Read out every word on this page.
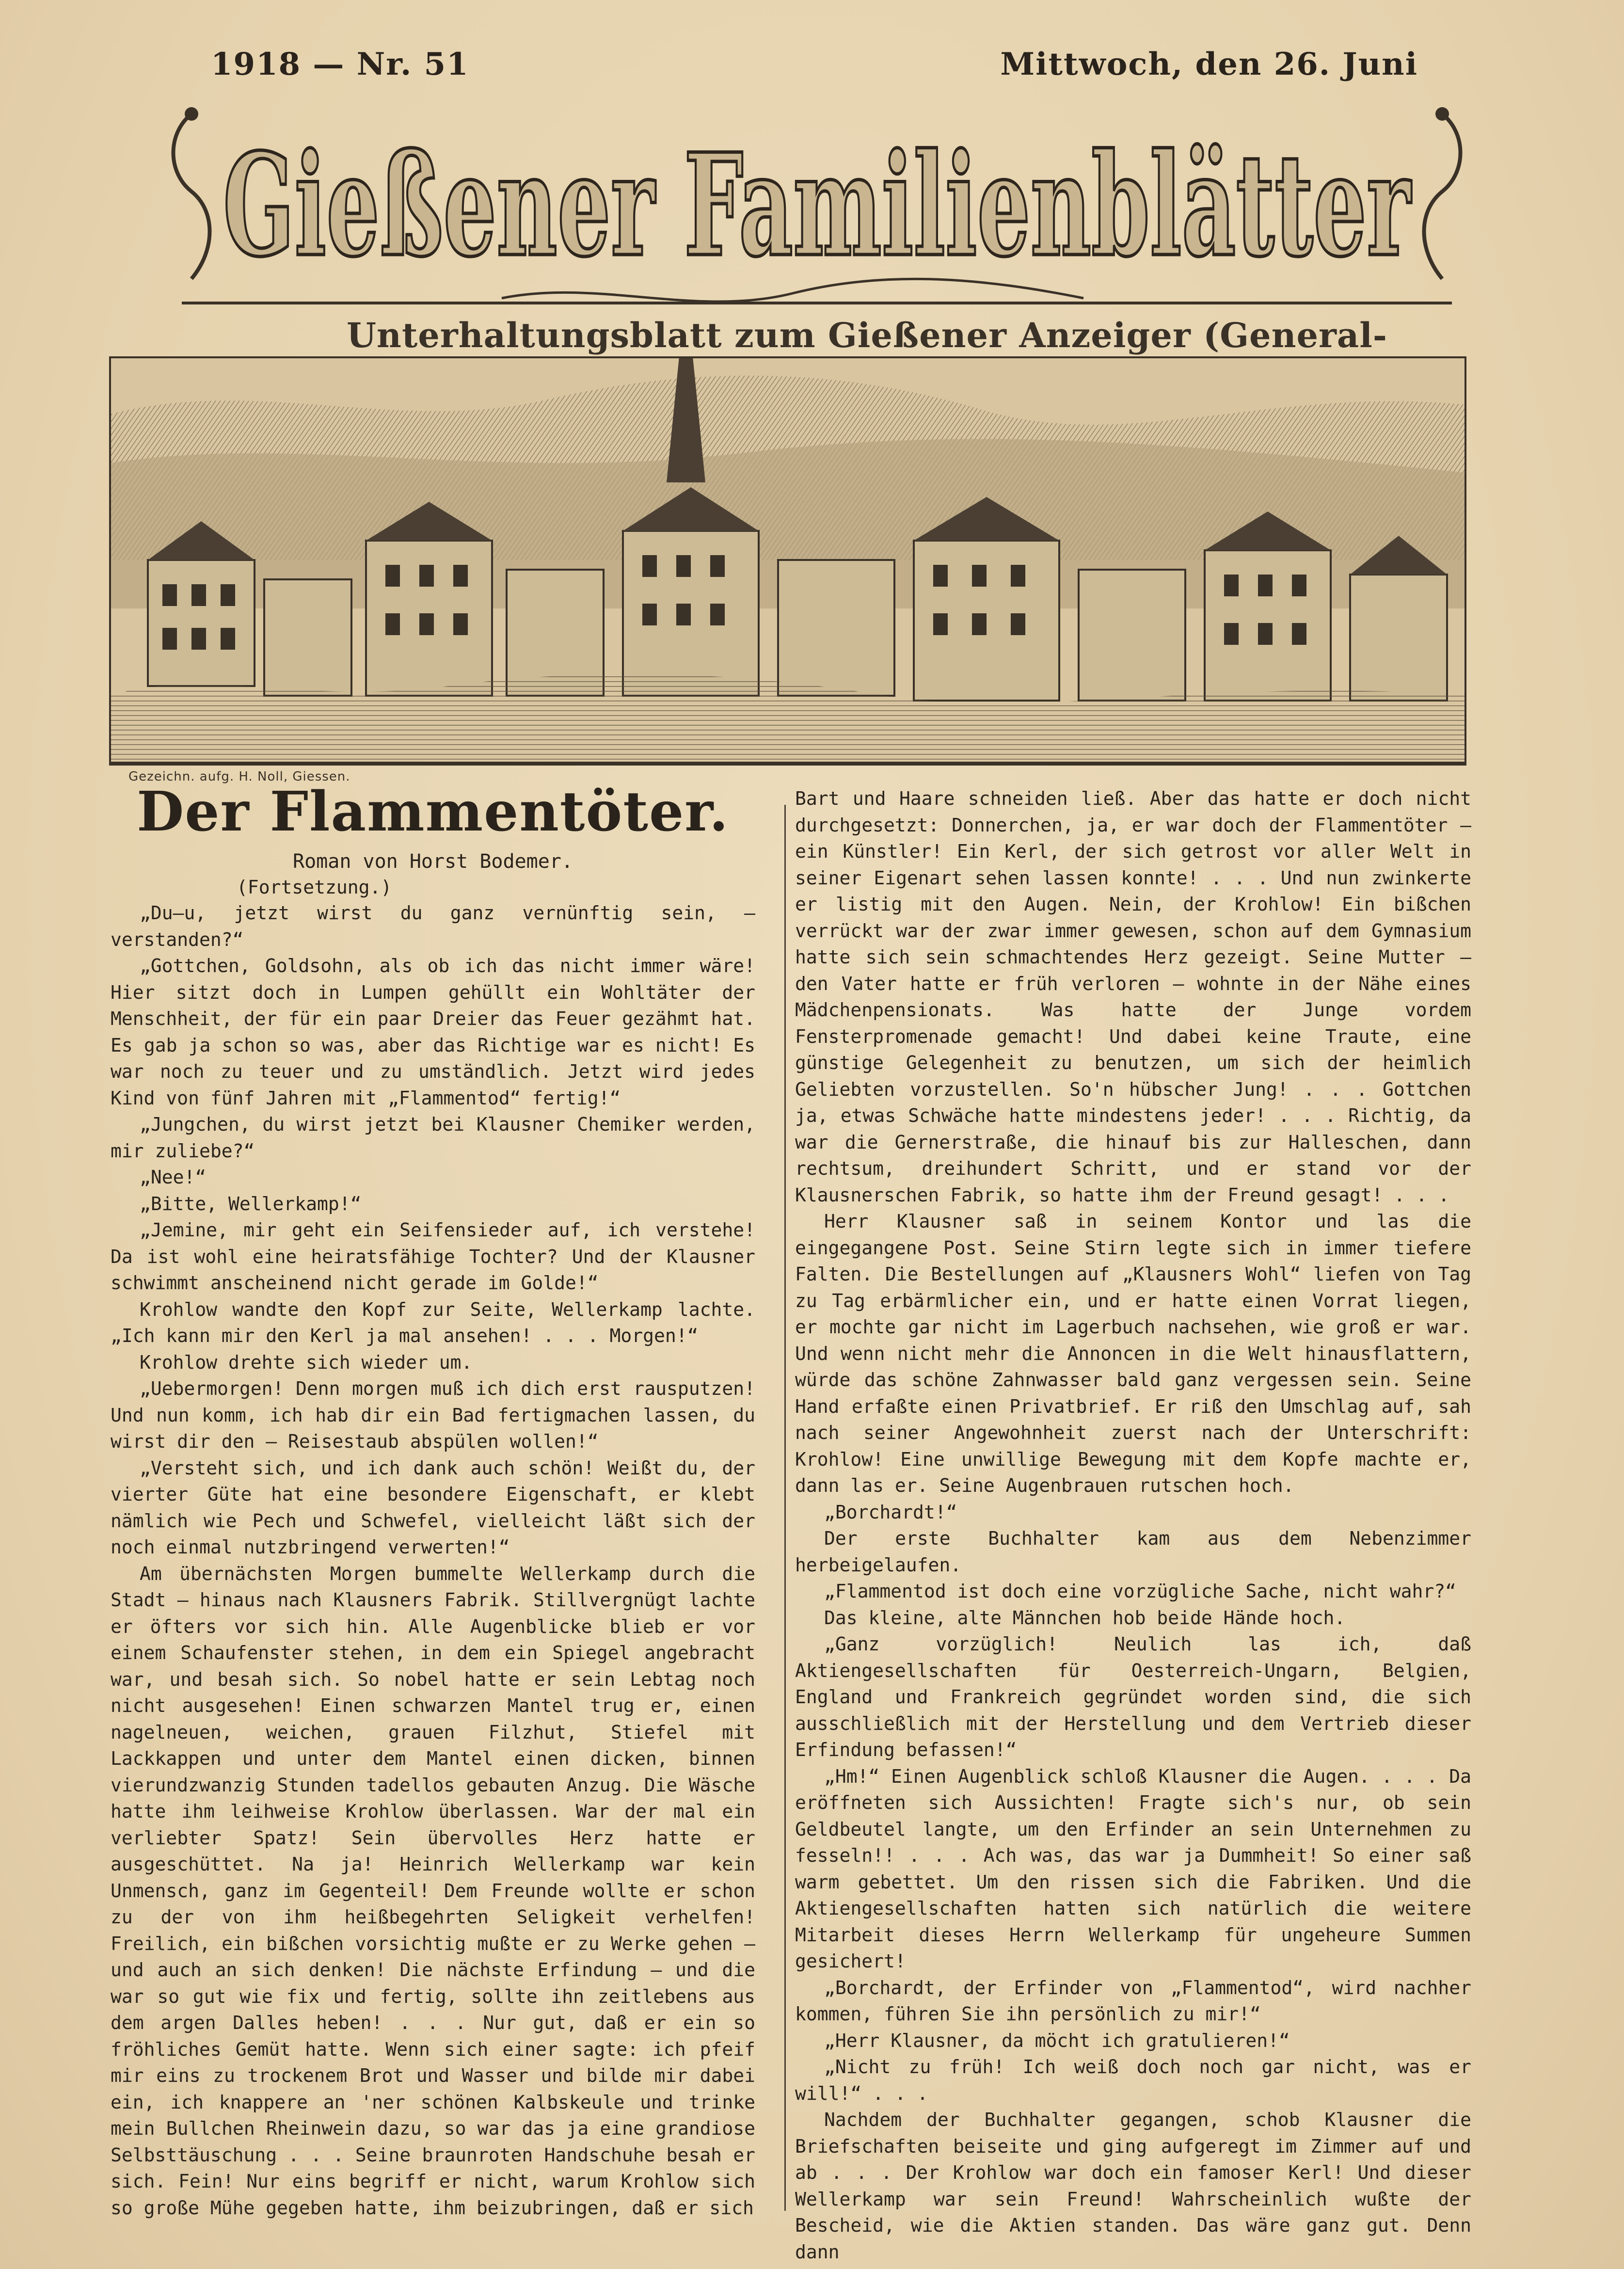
1918 — Nr. 51	Mittwoch, den 26. Juni
Gießener Familienblätter
Unterhaltungsblatt zum Gießener Anzeiger (General-
Gezeichn. aufg. H. Noll, Giessen.
Der Flammentöter.
Roman von Horst Bodemer.
(Fortsetzung.)

„Du—u, jetzt wirst du ganz vernünftig sein, — verstanden?“

„Gottchen, Goldsohn, als ob ich das nicht immer wäre! Hier sitzt doch in Lumpen gehüllt ein Wohltäter der Menschheit, der für ein paar Dreier das Feuer gezähmt hat. Es gab ja schon so was, aber das Richtige war es nicht! Es war noch zu teuer und zu umständlich. Jetzt wird jedes Kind von fünf Jahren mit „Flammentod“ fertig!“

„Jungchen, du wirst jetzt bei Klausner Chemiker werden, mir zuliebe?“

„Nee!“

„Bitte, Wellerkamp!“

„Jemine, mir geht ein Seifensieder auf, ich verstehe! Da ist wohl eine heiratsfähige Tochter? Und der Klausner schwimmt anscheinend nicht gerade im Golde!“

Krohlow wandte den Kopf zur Seite, Wellerkamp lachte. „Ich kann mir den Kerl ja mal ansehen! . . . Morgen!“

Krohlow drehte sich wieder um.

„Uebermorgen! Denn morgen muß ich dich erst rausputzen! Und nun komm, ich hab dir ein Bad fertigmachen lassen, du wirst dir den — Reisestaub abspülen wollen!“

„Versteht sich, und ich dank auch schön! Weißt du, der vierter Güte hat eine besondere Eigenschaft, er klebt nämlich wie Pech und Schwefel, vielleicht läßt sich der noch einmal nutzbringend verwerten!“

Am übernächsten Morgen bummelte Wellerkamp durch die Stadt — hinaus nach Klausners Fabrik. Stillvergnügt lachte er öfters vor sich hin. Alle Augenblicke blieb er vor einem Schaufenster stehen, in dem ein Spiegel angebracht war, und besah sich. So nobel hatte er sein Lebtag noch nicht ausgesehen! Einen schwarzen Mantel trug er, einen nagelneuen, weichen, grauen Filzhut, Stiefel mit Lackkappen und unter dem Mantel einen dicken, binnen vierundzwanzig Stunden tadellos gebauten Anzug. Die Wäsche hatte ihm leihweise Krohlow überlassen. War der mal ein verliebter Spatz! Sein übervolles Herz hatte er ausgeschüttet. Na ja! Heinrich Wellerkamp war kein Unmensch, ganz im Gegenteil! Dem Freunde wollte er schon zu der von ihm heißbegehrten Seligkeit verhelfen! Freilich, ein bißchen vorsichtig mußte er zu Werke gehen — und auch an sich denken! Die nächste Erfindung — und die war so gut wie fix und fertig, sollte ihn zeitlebens aus dem argen Dalles heben! . . . Nur gut, daß er ein so fröhliches Gemüt hatte. Wenn sich einer sagte: ich pfeif mir eins zu trockenem Brot und Wasser und bilde mir dabei ein, ich knappere an 'ner schönen Kalbskeule und trinke mein Bullchen Rheinwein dazu, so war das ja eine grandiose Selbsttäuschung . . . Seine braunroten Handschuhe besah er sich. Fein! Nur eins begriff er nicht, warum Krohlow sich so große Mühe gegeben hatte, ihm beizubringen, daß er sich

Bart und Haare schneiden ließ. Aber das hatte er doch nicht durchgesetzt: Donnerchen, ja, er war doch der Flammentöter — ein Künstler! Ein Kerl, der sich getrost vor aller Welt in seiner Eigenart sehen lassen konnte! . . . Und nun zwinkerte er listig mit den Augen. Nein, der Krohlow! Ein bißchen verrückt war der zwar immer gewesen, schon auf dem Gymnasium hatte sich sein schmachtendes Herz gezeigt. Seine Mutter — den Vater hatte er früh verloren — wohnte in der Nähe eines Mädchenpensionats. Was hatte der Junge vordem Fensterpromenade gemacht! Und dabei keine Traute, eine günstige Gelegenheit zu benutzen, um sich der heimlich Geliebten vorzustellen. So'n hübscher Jung! . . . Gottchen ja, etwas Schwäche hatte mindestens jeder! . . . Richtig, da war die Gernerstraße, die hinauf bis zur Halleschen, dann rechtsum, dreihundert Schritt, und er stand vor der Klausnerschen Fabrik, so hatte ihm der Freund gesagt! . . .

Herr Klausner saß in seinem Kontor und las die eingegangene Post. Seine Stirn legte sich in immer tiefere Falten. Die Bestellungen auf „Klausners Wohl“ liefen von Tag zu Tag erbärmlicher ein, und er hatte einen Vorrat liegen, er mochte gar nicht im Lagerbuch nachsehen, wie groß er war. Und wenn nicht mehr die Annoncen in die Welt hinausflattern, würde das schöne Zahnwasser bald ganz vergessen sein. Seine Hand erfaßte einen Privatbrief. Er riß den Umschlag auf, sah nach seiner Angewohnheit zuerst nach der Unterschrift: Krohlow! Eine unwillige Bewegung mit dem Kopfe machte er, dann las er. Seine Augenbrauen rutschen hoch.

„Borchardt!“

Der erste Buchhalter kam aus dem Nebenzimmer herbeigelaufen.

„Flammentod ist doch eine vorzügliche Sache, nicht wahr?“

Das kleine, alte Männchen hob beide Hände hoch.

„Ganz vorzüglich! Neulich las ich, daß Aktiengesellschaften für Oesterreich-Ungarn, Belgien, England und Frankreich gegründet worden sind, die sich ausschließlich mit der Herstellung und dem Vertrieb dieser Erfindung befassen!“

„Hm!“ Einen Augenblick schloß Klausner die Augen. . . . Da eröffneten sich Aussichten! Fragte sich's nur, ob sein Geldbeutel langte, um den Erfinder an sein Unternehmen zu fesseln!! . . . Ach was, das war ja Dummheit! So einer saß warm gebettet. Um den rissen sich die Fabriken. Und die Aktiengesellschaften hatten sich natürlich die weitere Mitarbeit dieses Herrn Wellerkamp für ungeheure Summen gesichert!

„Borchardt, der Erfinder von „Flammentod“, wird nachher kommen, führen Sie ihn persönlich zu mir!“

„Herr Klausner, da möcht ich gratulieren!“

„Nicht zu früh! Ich weiß doch noch gar nicht, was er will!“ . . .

Nachdem der Buchhalter gegangen, schob Klausner die Briefschaften beiseite und ging aufgeregt im Zimmer auf und ab . . . Der Krohlow war doch ein famoser Kerl! Und dieser Wellerkamp war sein Freund! Wahrscheinlich wußte der Bescheid, wie die Aktien standen. Das wäre ganz gut. Denn dann
